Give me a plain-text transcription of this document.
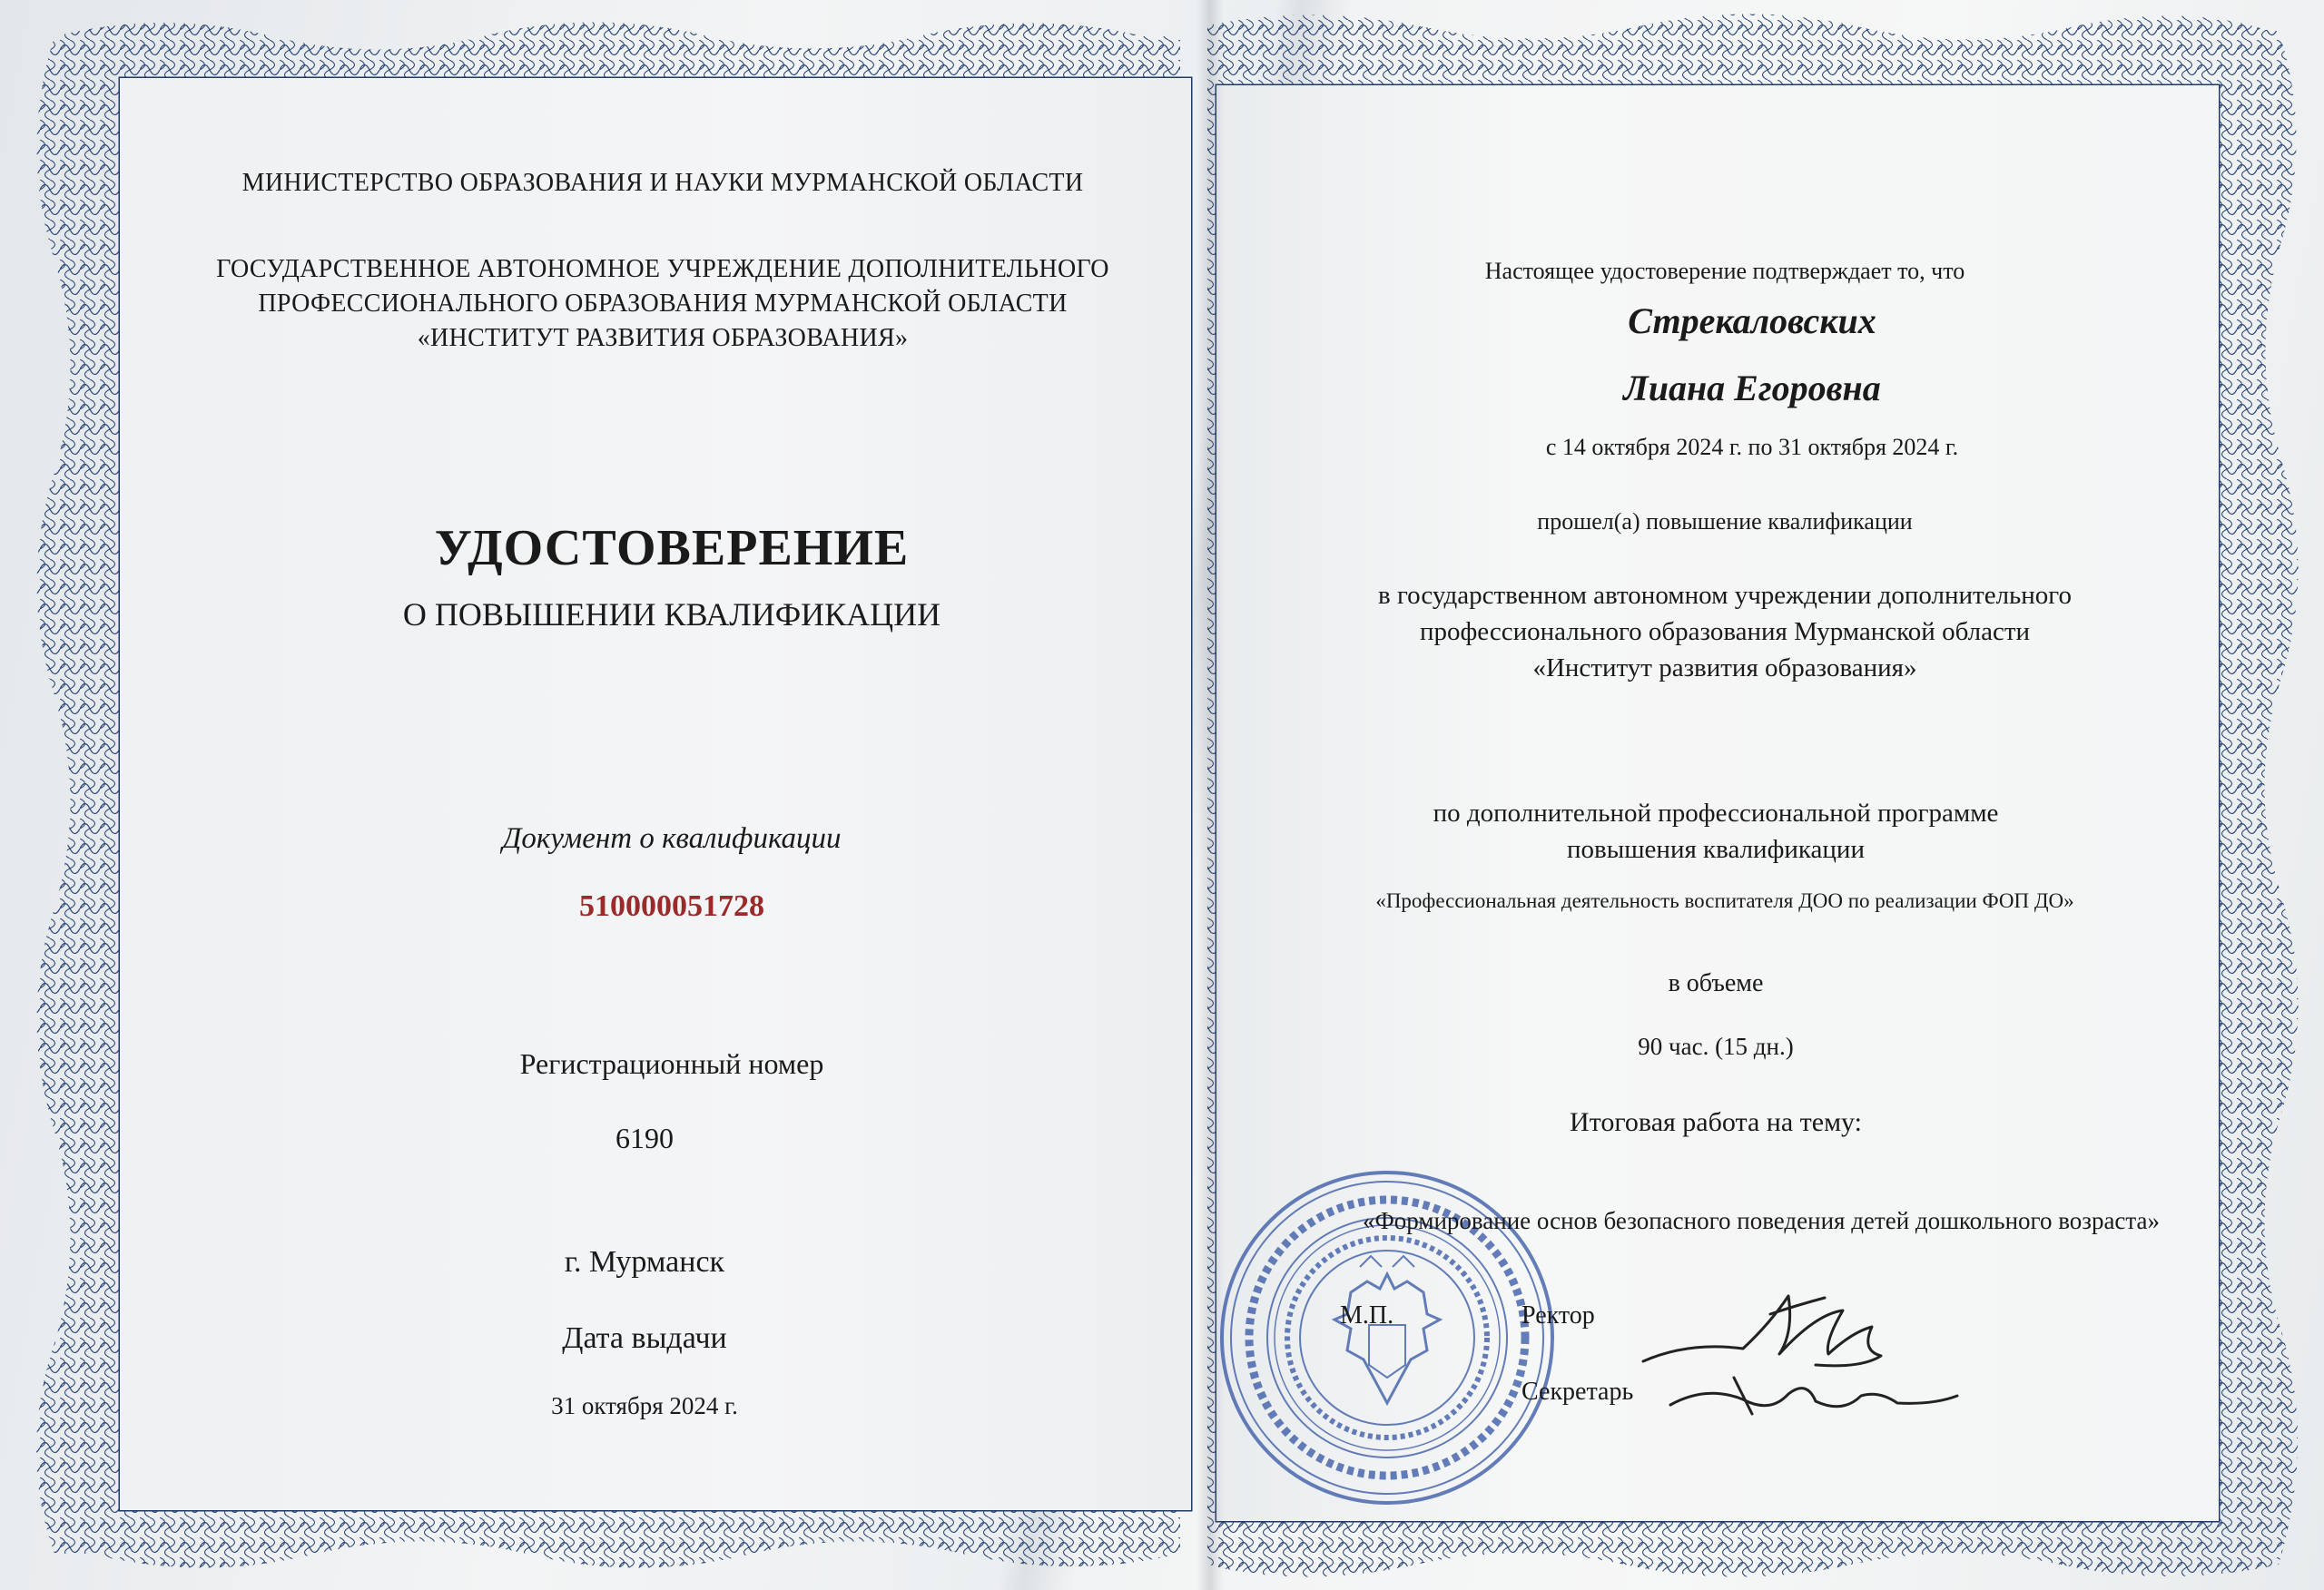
МИНИСТЕРСТВО ОБРАЗОВАНИЯ И НАУКИ МУРМАНСКОЙ ОБЛАСТИ
ГОСУДАРСТВЕННОЕ АВТОНОМНОЕ УЧРЕЖДЕНИЕ ДОПОЛНИТЕЛЬНОГО
ПРОФЕССИОНАЛЬНОГО ОБРАЗОВАНИЯ МУРМАНСКОЙ ОБЛАСТИ
«ИНСТИТУТ РАЗВИТИЯ ОБРАЗОВАНИЯ»
УДОСТОВЕРЕНИЕ
О ПОВЫШЕНИИ КВАЛИФИКАЦИИ
Документ о квалификации
510000051728
Регистрационный номер
6190
г. Мурманск
Дата выдачи
31 октября 2024 г.
Настоящее удостоверение подтверждает то, что
Стрекаловских
Лиана Егоровна
с 14 октября 2024 г. по 31 октября 2024 г.
прошел(а) повышение квалификации
в государственном автономном учреждении дополнительного
профессионального образования Мурманской области
«Институт развития образования»
по дополнительной профессиональной программе
повышения квалификации
«Профессиональная деятельность воспитателя ДОО по реализации ФОП ДО»
в объеме
90 час. (15 дн.)
Итоговая работа на тему:
«Формирование основ безопасного поведения детей дошкольного возраста»
М.П.	Ректор
Секретарь
